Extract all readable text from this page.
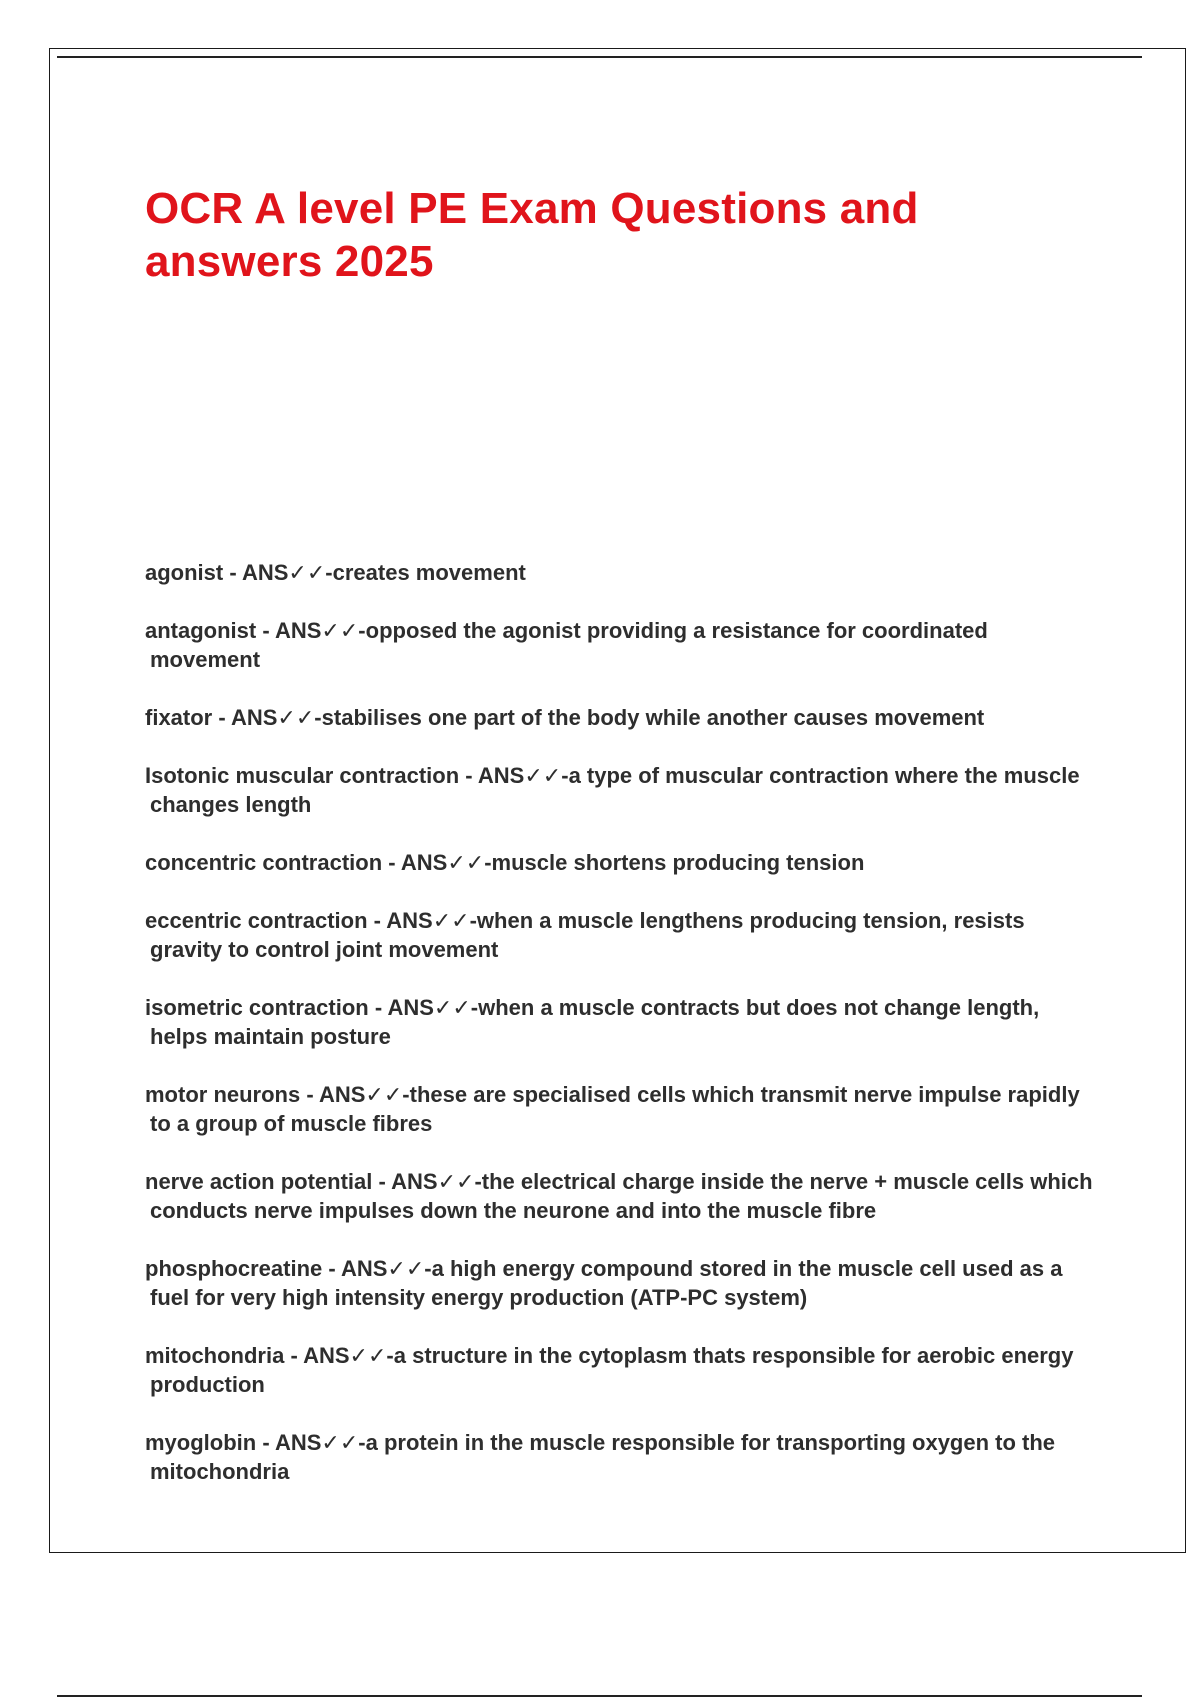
OCR A level PE Exam Questions and answers 2025
agonist - ANS✓✓-creates movement
antagonist - ANS✓✓-opposed the agonist providing a resistance for coordinated movement
fixator - ANS✓✓-stabilises one part of the body while another causes movement
Isotonic muscular contraction - ANS✓✓-a type of muscular contraction where the muscle changes length
concentric contraction - ANS✓✓-muscle shortens producing tension
eccentric contraction - ANS✓✓-when a muscle lengthens producing tension, resists gravity to control joint movement
isometric contraction - ANS✓✓-when a muscle contracts but does not change length, helps maintain posture
motor neurons - ANS✓✓-these are specialised cells which transmit nerve impulse rapidly to a group of muscle fibres
nerve action potential - ANS✓✓-the electrical charge inside the nerve + muscle cells which conducts nerve impulses down the neurone and into the muscle fibre
phosphocreatine - ANS✓✓-a high energy compound stored in the muscle cell used as a fuel for very high intensity energy production (ATP-PC system)
mitochondria - ANS✓✓-a structure in the cytoplasm thats responsible for aerobic energy production
myoglobin - ANS✓✓-a protein in the muscle responsible for transporting oxygen to the mitochondria
